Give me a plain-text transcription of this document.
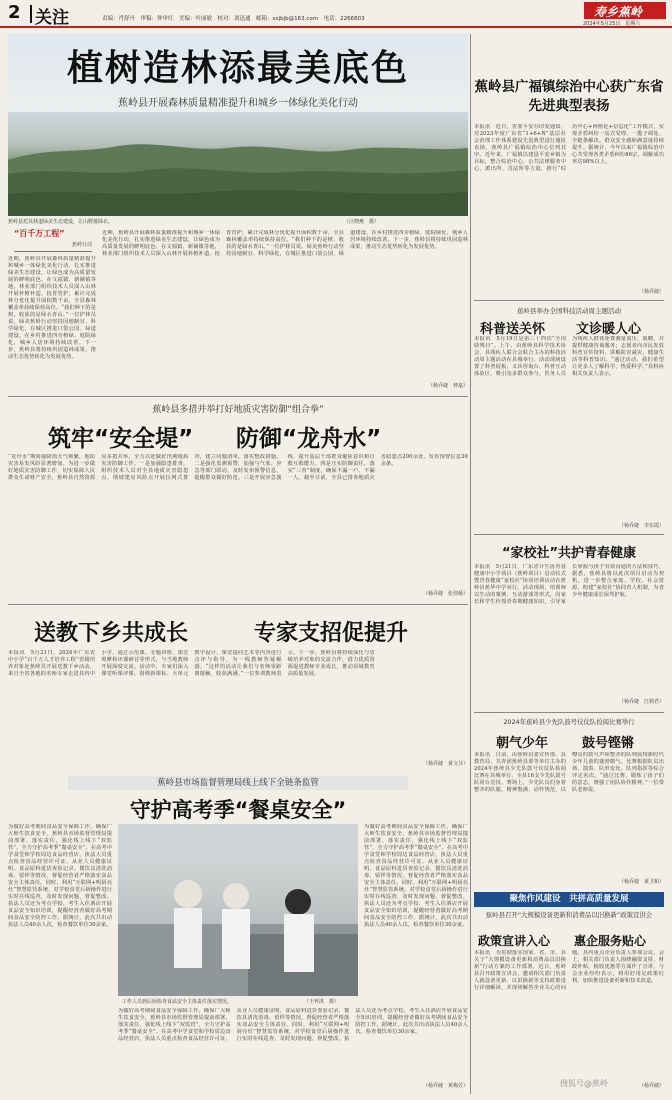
2 关注	责编：肖舒丹　审稿：钟审红　美编：叶丽敏　校对：刘迅通　邮箱：sxjbjb@163.com　电话：2266803	寿乡蕉岭
2024年5月25日　星期六
植树造林添最美底色
蕉岭县开展森林质量精准提升和城乡一体绿化美化行动
蕉岭县托其林道绿美生态建设，让山野披绿衣。	（汪晓燕　摄）
“百千万工程”
蕉岭行动
近期，蕉岭县开展森林质量精准提升和城乡一体绿化美化行动，扎实推进绿美生态建设，让绿色成为高质量发展的鲜明底色。在文福镇、新铺镇等地，林业部门组织技术人员深入山林开展补植补造、抚育管护，累计完成林分优化提升面积数千亩，全县森林覆盖率持续保持高位。“我们种下的是树，收获的是绿水青山。”一位护林员说。绿美蕉岭行动坚持因地制宜、科学绿化，在城区推进口袋公园、绿道建设，在乡村推进四旁植绿、庭院绿化，城乡人居环境持续改善。下一步，蕉岭县将持续巩固造林成果，推动生态优势转化为发展优势。
近期，蕉岭县开展森林质量精准提升和城乡一体绿化美化行动，扎实推进绿美生态建设，让绿色成为高质量发展的鲜明底色。在文福镇、新铺镇等地，林业部门组织技术人员深入山林开展补植补造、抚育管护，累计完成林分优化提升面积数千亩，全县森林覆盖率持续保持高位。“我们种下的是树，收获的是绿水青山。”一位护林员说。绿美蕉岭行动坚持因地制宜、科学绿化，在城区推进口袋公园、绿道建设，在乡村推进四旁植绿、庭院绿化，城乡人居环境持续改善。下一步，蕉岭县将持续巩固造林成果，推动生态优势转化为发展优势。
（杨乔婕　钟嘉）
蕉岭县广福镇综治中心获广东省先进典型表扬
本报讯　近日，省委平安办印发通知，对2023年度广东省“1+6+N”基层社会治理工作体系建设先进典型进行通报表扬，蕉岭县广福镇综治中心位列其中。近年来，广福镇以建设平安乡镇为目标，整合综治中心、公共法律服务中心、派出所、司法所等力量，推行“综治中心+网格化+信息化”工作模式，实现矛盾纠纷一站式受理、一揽子调处、全链条解决，群众安全感和满意度持续提升。据统计，今年以来广福镇综治中心共受理各类矛盾纠纷86宗，调解成功率达98%以上。
（杨乔婕）
蕉岭县举办全国科技活动周主题活动
科普送关怀 文诊暖人心
本报讯　5月19日是第三十四次“全国助残日”。上午，由蕉岭县科学技术协会、县残疾人联合会联合主办的科技活动周主题活动在县城举行。活动现场设置了科普展板、义诊咨询台、科普互动体验区，吸引众多群众参与。医务人员为残疾人群体免费测量血压、血糖，并提供健康咨询服务；志愿者向市民发放科普宣传资料，讲解防灾减灾、健康生活等科普知识。“通过活动，我们希望让更多人了解科学、热爱科学。”县科协相关负责人表示。
（杨乔婕　李东霞）
蕉岭县多措并举打好地质灾害防御“组合拳”
筑牢“安全堤” 防御“龙舟水”
“龙舟水”期间强降雨天气频繁，地质灾害易发风险显著增加。为进一步做好地质灾害防御工作，切实保障人民群众生命财产安全，蕉岭县自然资源局多措并举，全力以赴做好汛期地质灾害防御工作。一是加强隐患排查，组织技术人员对全县地质灾害隐患点、削坡建房风险点开展拉网式排查，建立问题清单，落实整改措施。二是强化监测预警，加强与气象、应急等部门联动，及时发布预警信息，提醒群众做好防范。三是开展应急演练，提升基层干部群众避险意识和自救互救能力。四是压实防御责任，落实“三查”制度，确保不漏一户、不漏一人。截至目前，全县已排查地质灾害隐患点200余处，发布预警信息30余条。
（杨乔婕　张伟杨）
送教下乡共成长	专家支招促提升
本报讯　5月21日，2024年广东省中小学“百千万人才培养工程”省级培养对象赴蕉岭县开展送教下乡活动，来自全省各地的名师专家走进县内中小学，通过示范课、专题讲座、课堂观摩和评课研讨等形式，与当地教师开展深度交流。活动中，专家们深入课堂听课评课，围绕新课标、大单元教学设计、课堂提问艺术等内容进行点评与指导，为一线教师答疑解惑。“这样的活动让我们与名师零距离接触，收获满满。”一位参训教师表示。下一步，蕉岭县将持续深化与省级培养对象的交流合作，借力优质资源促进教师专业成长，推动县域教育高质量发展。
（杨乔婕　黄文芬）
“家校社”共护青春健康
本报讯　5月21日，广东省计生协青春健康中小学项目（蕉岭项目）启动仪式暨青春健康“家校社”协同培训活动在蕉岭县蕉华中学举行。活动现场，培训师以生动的案例、互动游戏等形式，向家长和学生传授青春期健康知识，引导家长掌握与孩子有效沟通的方法和技巧。据悉，蕉岭县将以此次项目启动为契机，进一步整合家庭、学校、社会资源，构建“家校社”协同育人机制，为青少年健康成长保驾护航。
（杨乔婕　江莉君）
2024年蕉岭县少先队鼓号仪仗队检阅比赛举行
朝气少年	鼓号铿锵
本报讯　日前，由蕉岭县委宣传部、县教育局、共青团蕉岭县委等单位主办的2024年蕉岭县少先队鼓号仪仗队检阅比赛在县城举行，全县16支少先队鼓号队同台竞技。赛场上，少先队员们身着整齐的队服，精神饱满、动作规范，以嘹亮的鼓号声和整齐的队列展现新时代少年儿童的蓬勃朝气。比赛根据队员出场、演奏、队形变化、队列指挥等综合评定名次。“通过比赛，锻炼了孩子们的意志，增强了团队协作精神。”一位带队老师说。
（杨乔婕　黄卫和）
蕉岭县市场监督管理局线上线下全链条监管
守护高考季“餐桌安全”
为做好高考期间食品安全保障工作，确保广大师生饮食安全，蕉岭县市场监督管理局提前部署、落实责任，强化线上线下“双监管”，全力守护高考季“餐桌安全”。在高考中学食堂和学校周边食品经营店，执法人员重点检查食品经营许可证、从业人员健康证明、食品原料进货查验记录、餐饮具清洗消毒、留样等情况，督促经营者严格落实食品安全主体责任。同时，利用“互联网+明厨亮灶”智慧监管系统，对学校食堂后厨操作进行实时在线巡查，及时发现问题、督促整改。执法人员还为考点学校、考生入住酒店开展食品安全知识培训，提醒经营者做好高考期间食品安全防控工作。据统计，此次共出动执法人员40余人次，检查餐饮单位30余家。
工作人员到后厨检查食品安全主体责任落实情况。	（王梓淇　摄）
为做好高考期间食品安全保障工作，确保广大师生饮食安全，蕉岭县市场监督管理局提前部署、落实责任，强化线上线下“双监管”，全力守护高考季“餐桌安全”。在高考中学食堂和学校周边食品经营店，执法人员重点检查食品经营许可证、从业人员健康证明、食品原料进货查验记录、餐饮具清洗消毒、留样等情况，督促经营者严格落实食品安全主体责任。同时，利用“互联网+明厨亮灶”智慧监管系统，对学校食堂后厨操作进行实时在线巡查，及时发现问题、督促整改。执法人员还为考点学校、考生入住酒店开展食品安全知识培训，提醒经营者做好高考期间食品安全防控工作。据统计，此次共出动执法人员40余人次，检查餐饮单位30余家。
为做好高考期间食品安全保障工作，确保广大师生饮食安全，蕉岭县市场监督管理局提前部署、落实责任，强化线上线下“双监管”，全力守护高考季“餐桌安全”。在高考中学食堂和学校周边食品经营店，执法人员重点检查食品经营许可证、从业人员健康证明、食品原料进货查验记录、餐饮具清洗消毒、留样等情况，督促经营者严格落实食品安全主体责任。同时，利用“互联网+明厨亮灶”智慧监管系统，对学校食堂后厨操作进行实时在线巡查，及时发现问题、督促整改。执法人员还为考点学校、考生入住酒店开展食品安全知识培训，提醒经营者做好高考期间食品安全防控工作。据统计，此次共出动执法人员40余人次，检查餐饮单位30余家。
（杨乔婕　黄梅芳）
聚焦作风建设　共拼高质量发展
蕉岭县召开“大规模设备更新和消费品以旧换新”政策宣讲会
政策宣讲入心 惠企服务贴心
本报讯　为贯彻落实国家、省、市、县关于“大规模设备更新和消费品以旧换新”行动方案的工作部署，近日，蕉岭县召开政策宣讲会，邀请相关部门负责人就设备更新、以旧换新等支持政策进行详细解读，并现场解答企业关心的问题。县内重点企业负责人参加会议。会上，相关部门负责人围绕融资支持、财政补贴、税收优惠等方面作了宣讲。与会企业纷纷表示，将用好用足政策红利，加快推进设备更新和技术改造。
（杨乔婕）
搜狐号@蕉岭
